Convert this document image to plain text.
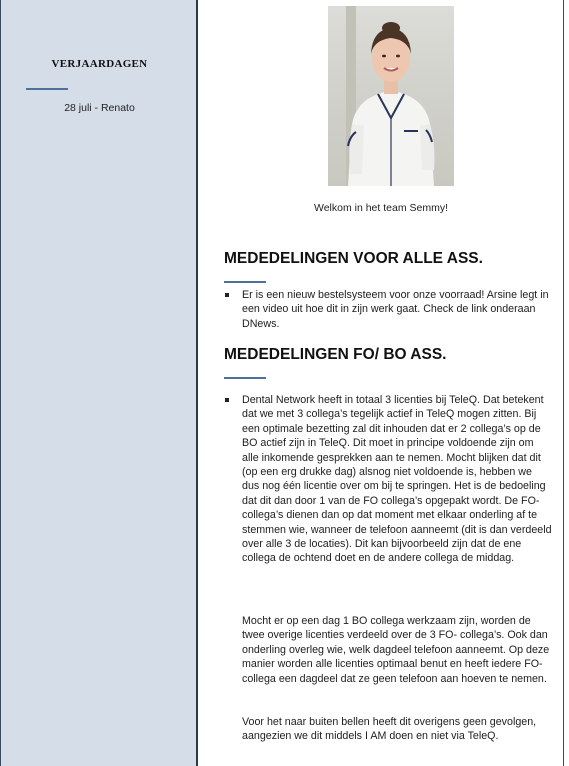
VERJAARDAGEN
28 juli - Renato
Welkom in het team Semmy!
MEDEDELINGEN VOOR ALLE ASS.

Er is een nieuw bestelsysteem voor onze voorraad! Arsine legt in een video uit hoe dit in zijn werk gaat. Check de link onderaan DNews.

MEDEDELINGEN FO/ BO ASS.

Dental Network heeft in totaal 3 licenties bij TeleQ. Dat betekent dat we met 3 collega’s tegelijk actief in TeleQ mogen zitten. Bij een optimale bezetting zal dit inhouden dat er 2 collega’s op de BO actief zijn in TeleQ. Dit moet in principe voldoende zijn om alle inkomende gesprekken aan te nemen. Mocht blijken dat dit (op een erg drukke dag) alsnog niet voldoende is, hebben we dus nog één licentie over om bij te springen. Het is de bedoeling dat dit dan door 1 van de FO collega’s opgepakt wordt. De FO- collega’s dienen dan op dat moment met elkaar onderling af te stemmen wie, wanneer de telefoon aanneemt (dit is dan verdeeld over alle 3 de locaties). Dit kan bijvoorbeeld zijn dat de ene collega de ochtend doet en de andere collega de middag.

Mocht er op een dag 1 BO collega werkzaam zijn, worden de twee overige licenties verdeeld over de 3 FO- collega’s. Ook dan onderling overleg wie, welk dagdeel telefoon aanneemt. Op deze manier worden alle licenties optimaal benut en heeft iedere FO-collega een dagdeel dat ze geen telefoon aan hoeven te nemen.

Voor het naar buiten bellen heeft dit overigens geen gevolgen, aangezien we dit middels I AM doen en niet via TeleQ.
